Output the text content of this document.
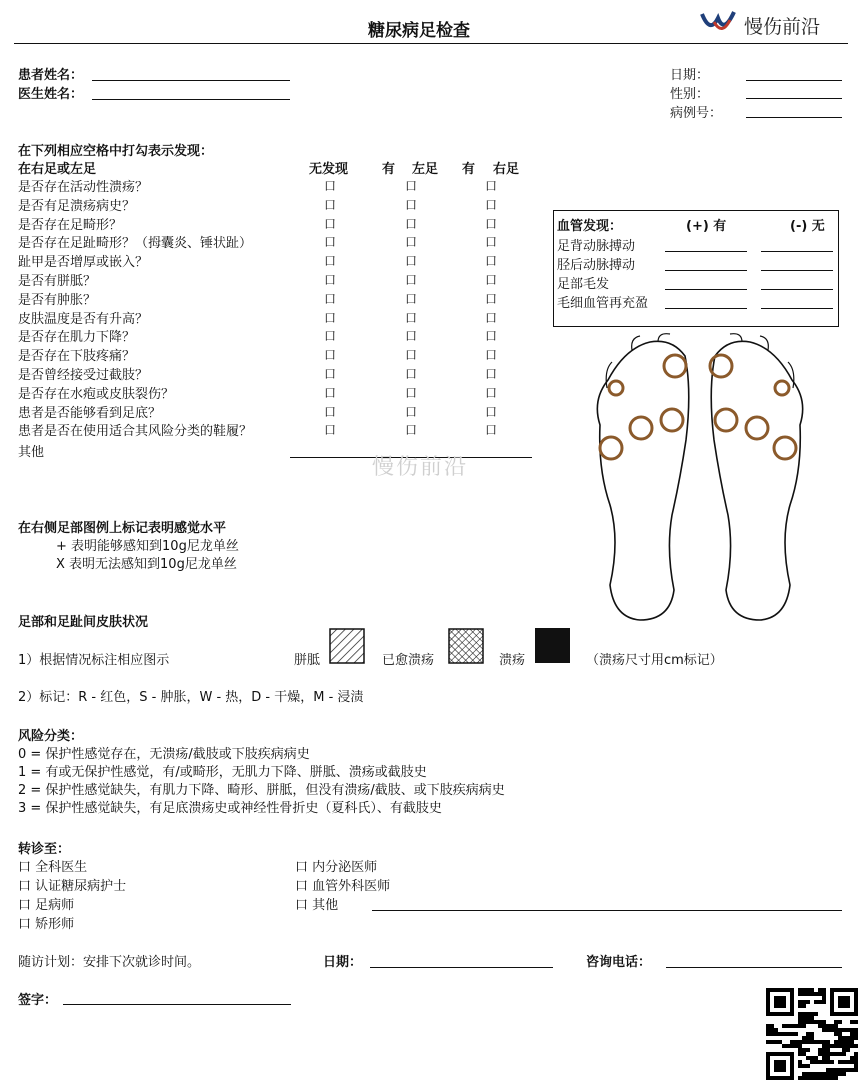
糖尿病足检查	慢伤前沿
患者姓名：
医生姓名：
日期：
性别：
病例号：
在下列相应空格中打勾表示发现：
在右足或左足	无发现	有 左足 有 右足
是否存在活动性溃疡？	口	口	口
是否有足溃疡病史？	口	口	口
是否存在足畸形？	口	口	口
是否存在足趾畸形？（拇囊炎、锤状趾）	口	口	口
趾甲是否增厚或嵌入？	口	口	口
是否有胼胝？	口	口	口
是否有肿胀？	口	口	口
皮肤温度是否有升高？	口	口	口
是否存在肌力下降？	口	口	口
是否存在下肢疼痛？	口	口	口
是否曾经接受过截肢？	口	口	口
是否存在水疱或皮肤裂伤？	口	口	口
患者是否能够看到足底？	口	口	口
患者是否在使用适合其风险分类的鞋履？	口	口	口
其他
慢伤前沿
血管发现：	(+) 有	(-) 无
足背动脉搏动
胫后动脉搏动
足部毛发
毛细血管再充盈
在右侧足部图例上标记表明感觉水平
+ 表明能够感知到10g尼龙单丝
X 表明无法感知到10g尼龙单丝
足部和足趾间皮肤状况
1）根据情况标注相应图示	胼胝	已愈溃疡	溃疡	（溃疡尺寸用cm标记）
2）标记：R - 红色，S - 肿胀，W - 热，D - 干燥，M - 浸渍
风险分类：
0 = 保护性感觉存在，无溃疡/截肢或下肢疾病病史
1 = 有或无保护性感觉，有/或畸形，无肌力下降、胼胝、溃疡或截肢史
2 = 保护性感觉缺失，有肌力下降、畸形、胼胝，但没有溃疡/截肢、或下肢疾病病史
3 = 保护性感觉缺失，有足底溃疡史或神经性骨折史（夏科氏）、有截肢史
转诊至：
口 全科医生
口 认证糖尿病护士
口 足病师
口 矫形师
口 内分泌医师
口 血管外科医师
口 其他
随访计划：安排下次就诊时间。	日期：	咨询电话：
签字：
